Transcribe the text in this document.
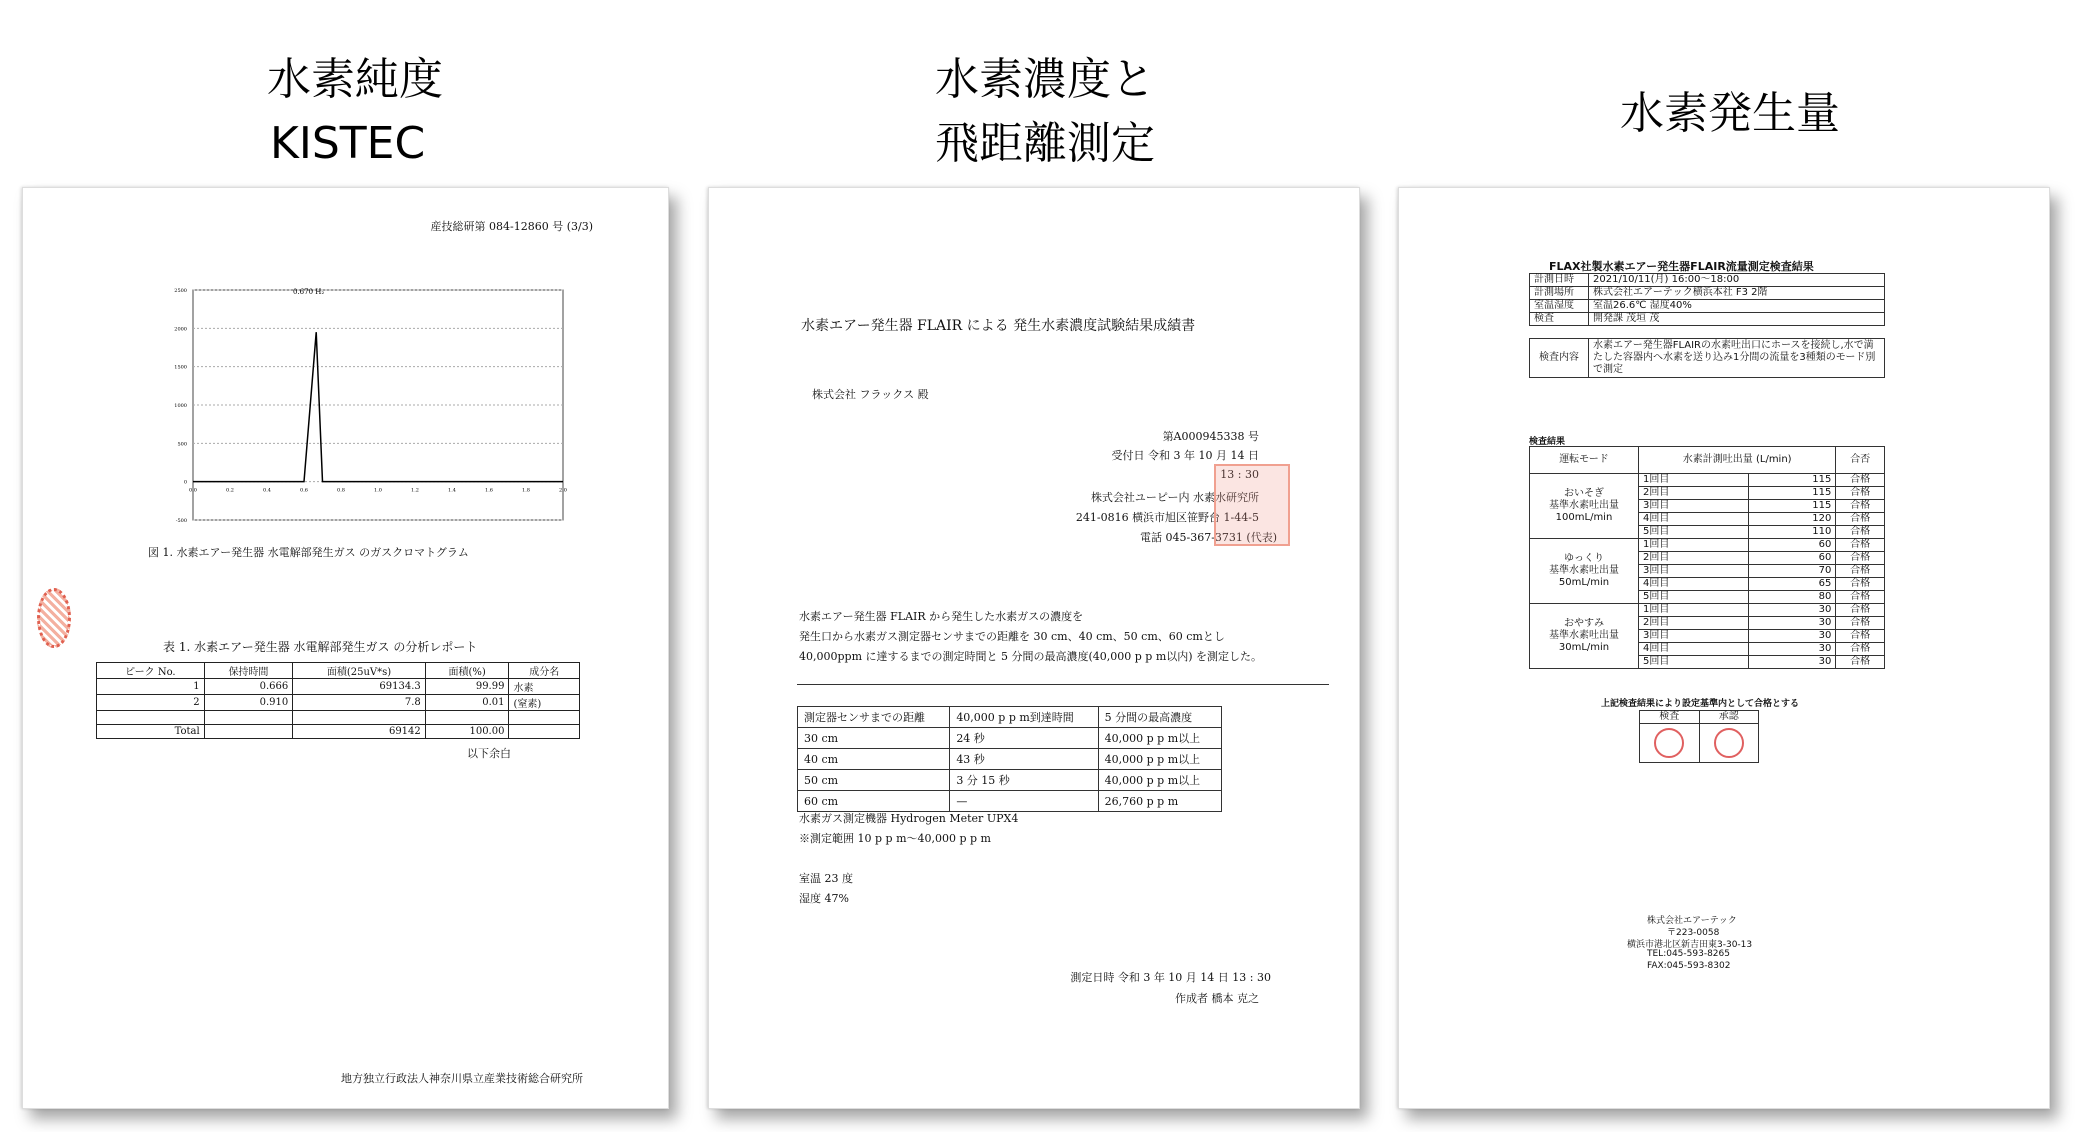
水素純度
KISTEC
水素濃度と
飛距離測定
水素発生量
産技総研第 084-12860 号 (3/3)
-500
0
500
1000
1500
2000
2500
0.0	0.2	0.4	0.6	0.8	1.0	1.2	1.4	1.6	1.8	2.0
0.670 H₂
図 1. 水素エアー発生器 水電解部発生ガス のガスクロマトグラム
表 1. 水素エアー発生器 水電解部発生ガス の分析レポート
ピーク No.	保持時間	面積(25uV*s)	面積(%)	成分名
1	0.666	69134.3	99.99	水素
2	0.910	7.8	0.01	(窒素)

Total		69142	100.00	
以下余白
地方独立行政法人神奈川県立産業技術総合研究所
水素エアー発生器 FLAIR による 発生水素濃度試験結果成績書
株式会社 フラックス 殿
第A000945338 号
受付日 令和 3 年 10 月 14 日
13 : 30
株式会社ユーピー内 水素水研究所
241-0816 横浜市旭区笹野台 1-44-5
電話 045-367-3731 (代表)
水素エアー発生器 FLAIR から発生した水素ガスの濃度を
発生口から水素ガス測定器センサまでの距離を 30 cm、40 cm、50 cm、60 cmとし
40,000ppm に達するまでの測定時間と 5 分間の最高濃度(40,000 p p m以内) を測定した。
測定器センサまでの距離	40,000 p p m到達時間	5 分間の最高濃度
30 cm	24 秒	40,000 p p m以上
40 cm	43 秒	40,000 p p m以上
50 cm	3 分 15 秒	40,000 p p m以上
60 cm	—	26,760 p p m
水素ガス測定機器 Hydrogen Meter UPX4
※測定範囲 10 p p m～40,000 p p m
室温 23 度
湿度 47%
測定日時 令和 3 年 10 月 14 日 13 : 30
作成者 橋本 克之
FLAX社製水素エアー発生器FLAIR流量測定検査結果
計測日時	2021/10/11(月) 16:00～18:00
計測場所	株式会社エアーテック横浜本社 F3 2階
室温湿度	室温26.6℃ 湿度40%
検査	開発課 茂垣 茂
検査内容	水素エアー発生器FLAIRの水素吐出口にホースを接続し,水で満たした容器内へ水素を送り込み1分間の流量を3種類のモード別で測定
検査結果
運転モード	水素計測吐出量 (L/min)		合否

おいそぎ
基準水素吐出量
100mL/min	1回目	115	合格
	2回目	115	合格
	3回目	115	合格
	4回目	120	合格
	5回目	110	合格

ゆっくり
基準水素吐出量
50mL/min	1回目	60	合格
	2回目	60	合格
	3回目	70	合格
	4回目	65	合格
	5回目	80	合格

おやすみ
基準水素吐出量
30mL/min	1回目	30	合格
	2回目	30	合格
	3回目	30	合格
	4回目	30	合格
	5回目	30	合格
上記検査結果により設定基準内として合格とする
検査	承認

株式会社エアーテック
〒223-0058
横浜市港北区新吉田東3-30-13
TEL:045-593-8265
FAX:045-593-8302
